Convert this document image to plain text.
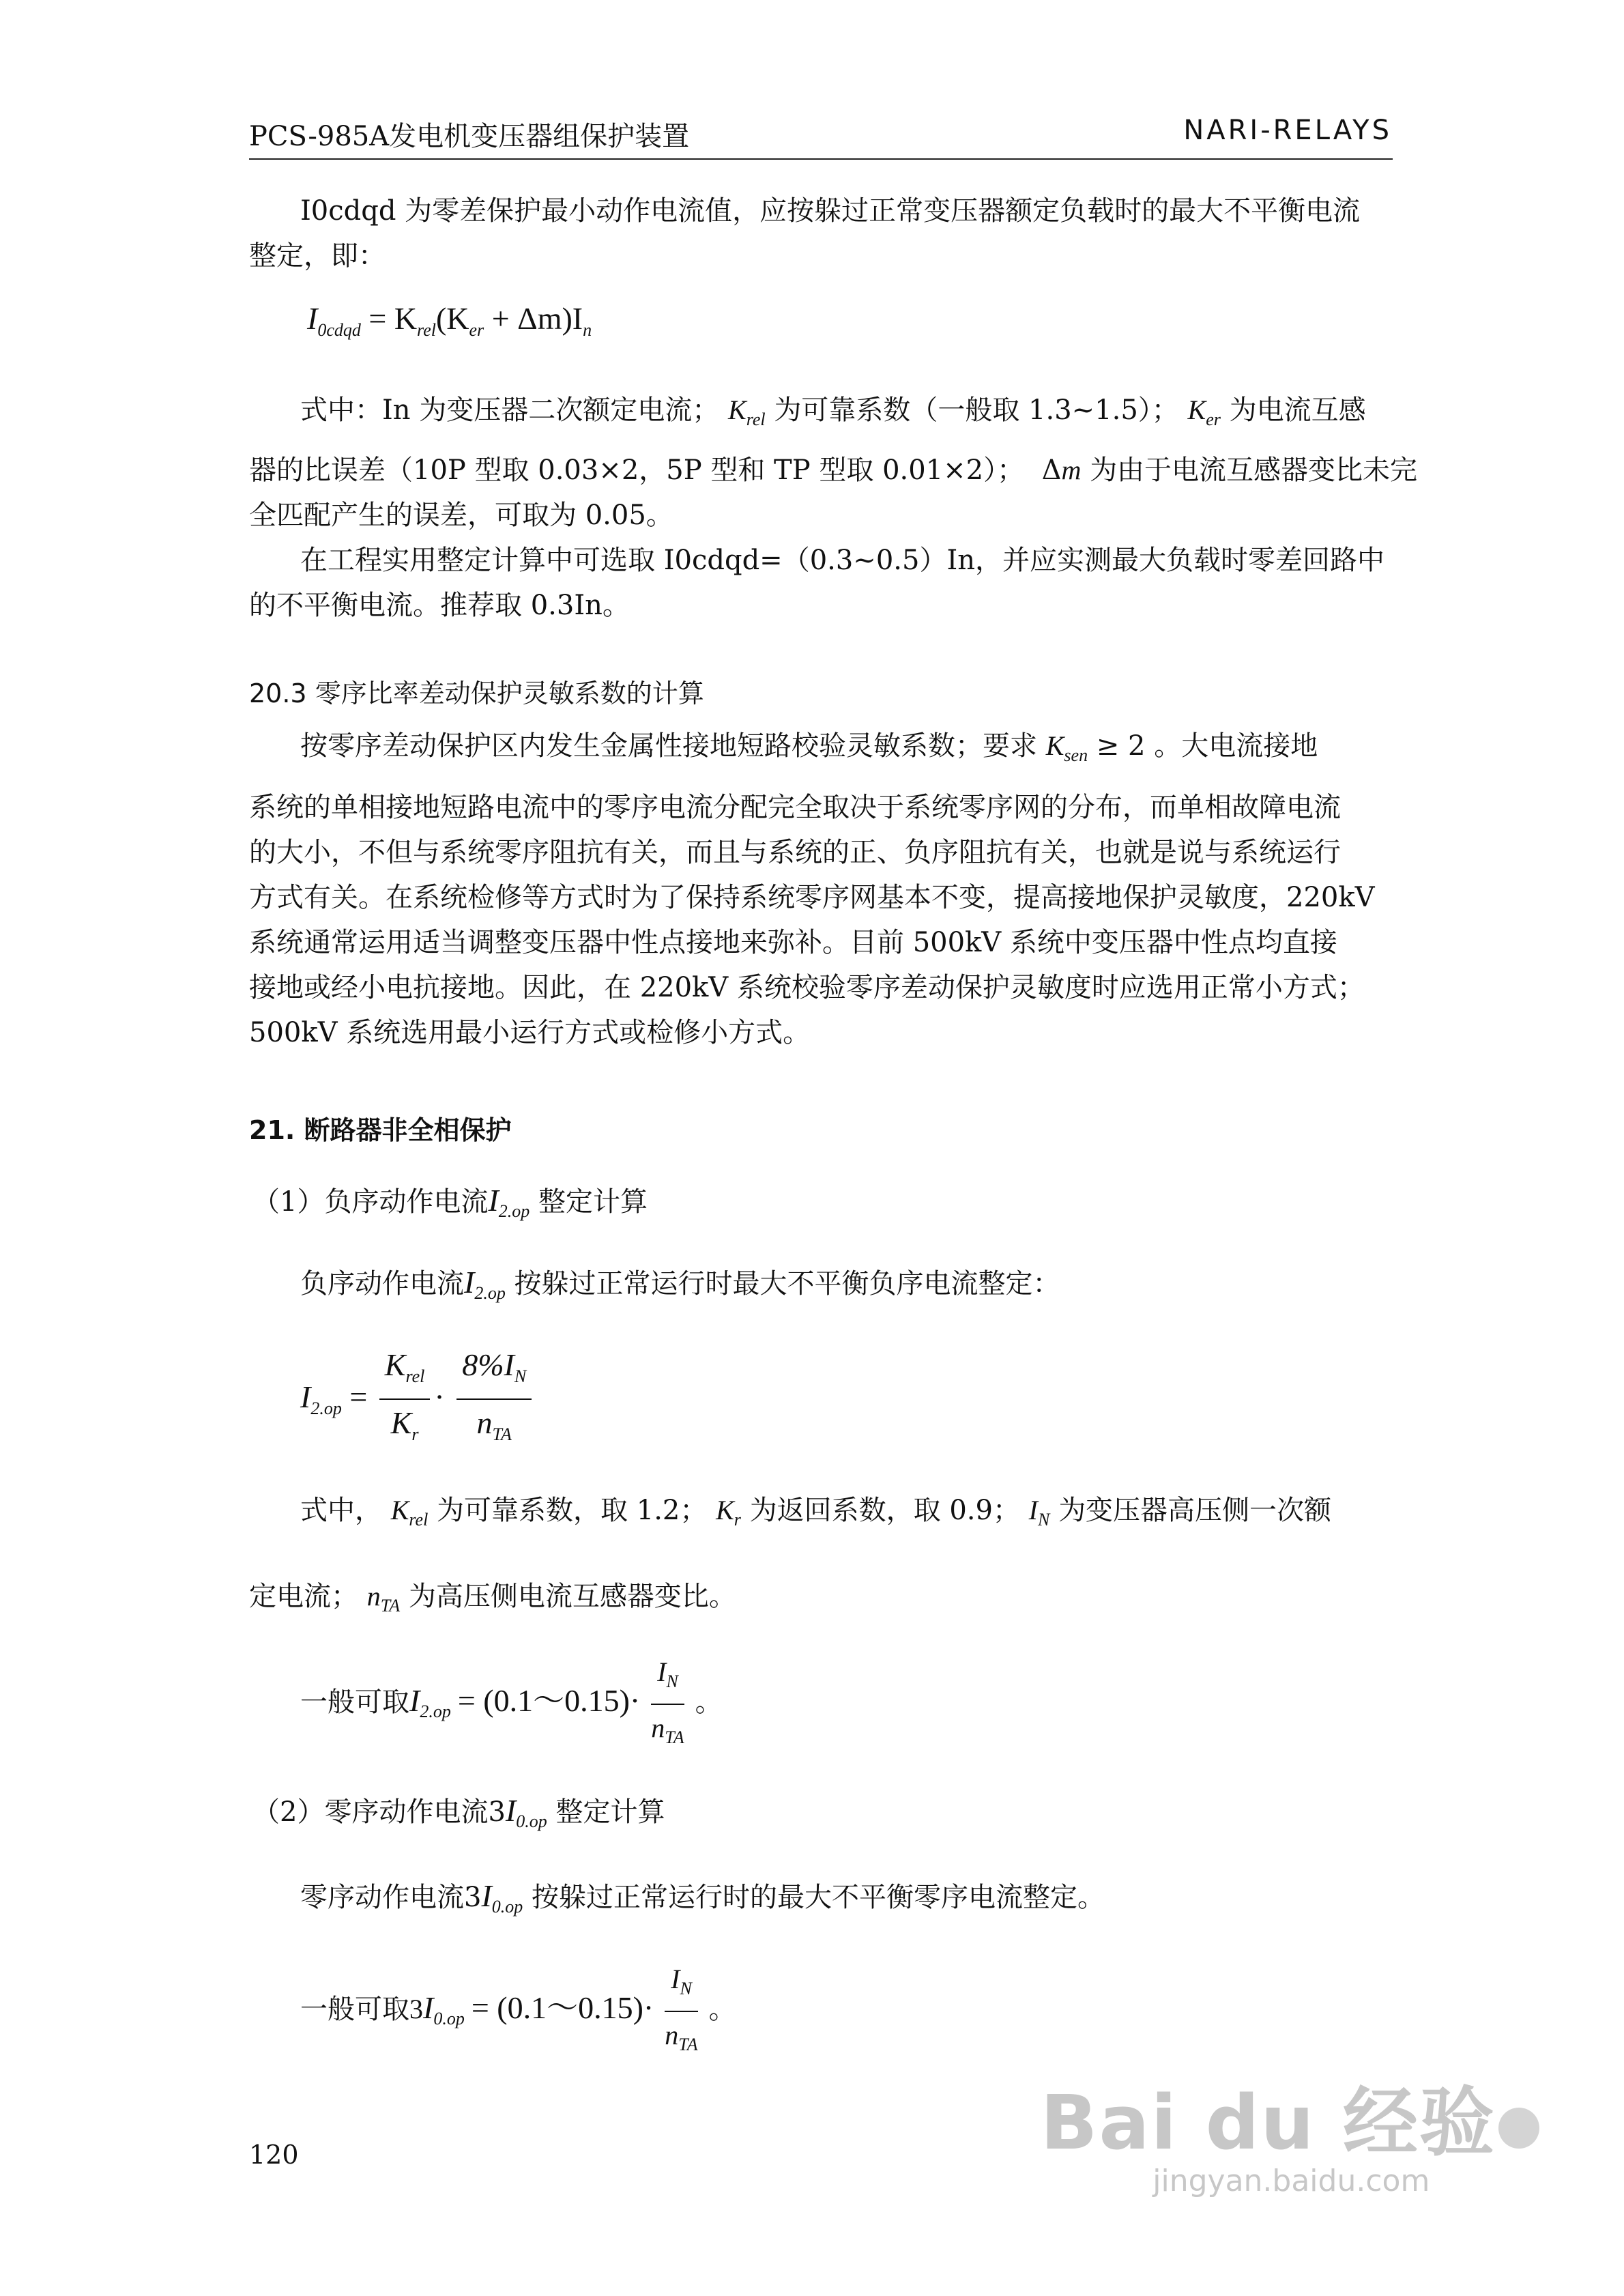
PCS-985A发电机变压器组保护装置	NARI-RELAYS
I0cdqd 为零差保护最小动作电流值，应按躲过正常变压器额定负载时的最大不平衡电流
整定，即：
$I_{0cdqd} = K_{rel}(K_{er} + \Delta m)I_n$
式中：In 为变压器二次额定电流； $K_{rel}$ 为可靠系数（一般取 1.3~1.5）； $K_{er}$ 为电流互感
器的比误差（10P 型取 0.03×2，5P 型和 TP 型取 0.01×2）； Δm 为由于电流互感器变比未完
全匹配产生的误差，可取为 0.05。
在工程实用整定计算中可选取 I0cdqd=（0.3~0.5）In，并应实测最大负载时零差回路中
的不平衡电流。推荐取 0.3In。
20.3 零序比率差动保护灵敏系数的计算
按零序差动保护区内发生金属性接地短路校验灵敏系数；要求 $K_{sen} \ge 2$ 。大电流接地
系统的单相接地短路电流中的零序电流分配完全取决于系统零序网的分布，而单相故障电流
的大小，不但与系统零序阻抗有关，而且与系统的正、负序阻抗有关，也就是说与系统运行
方式有关。在系统检修等方式时为了保持系统零序网基本不变，提高接地保护灵敏度，220kV
系统通常运用适当调整变压器中性点接地来弥补。目前 500kV 系统中变压器中性点均直接
接地或经小电抗接地。因此，在 220kV 系统校验零序差动保护灵敏度时应选用正常小方式；
500kV 系统选用最小运行方式或检修小方式。
21. 断路器非全相保护
（1）负序动作电流$I_{2.op}$ 整定计算
负序动作电流$I_{2.op}$ 按躲过正常运行时最大不平衡负序电流整定：
$I_{2.op} = \frac{K_{rel}}{K_r} \cdot \frac{8\%I_N}{n_{TA}}$
式中， $K_{rel}$ 为可靠系数，取 1.2； $K_r$ 为返回系数，取 0.9； $I_N$ 为变压器高压侧一次额
定电流； $n_{TA}$ 为高压侧电流互感器变比。
一般可取$I_{2.op}$ = (0.1～0.15)· $\frac{I_N}{n_{TA}}$ 。
（2）零序动作电流$3I_{0.op}$ 整定计算
零序动作电流$3I_{0.op}$ 按躲过正常运行时的最大不平衡零序电流整定。
一般可取$3I_{0.op}$ = (0.1～0.15)· $\frac{I_N}{n_{TA}}$ 。
120	Bai du 经验
jingyan.baidu.com
